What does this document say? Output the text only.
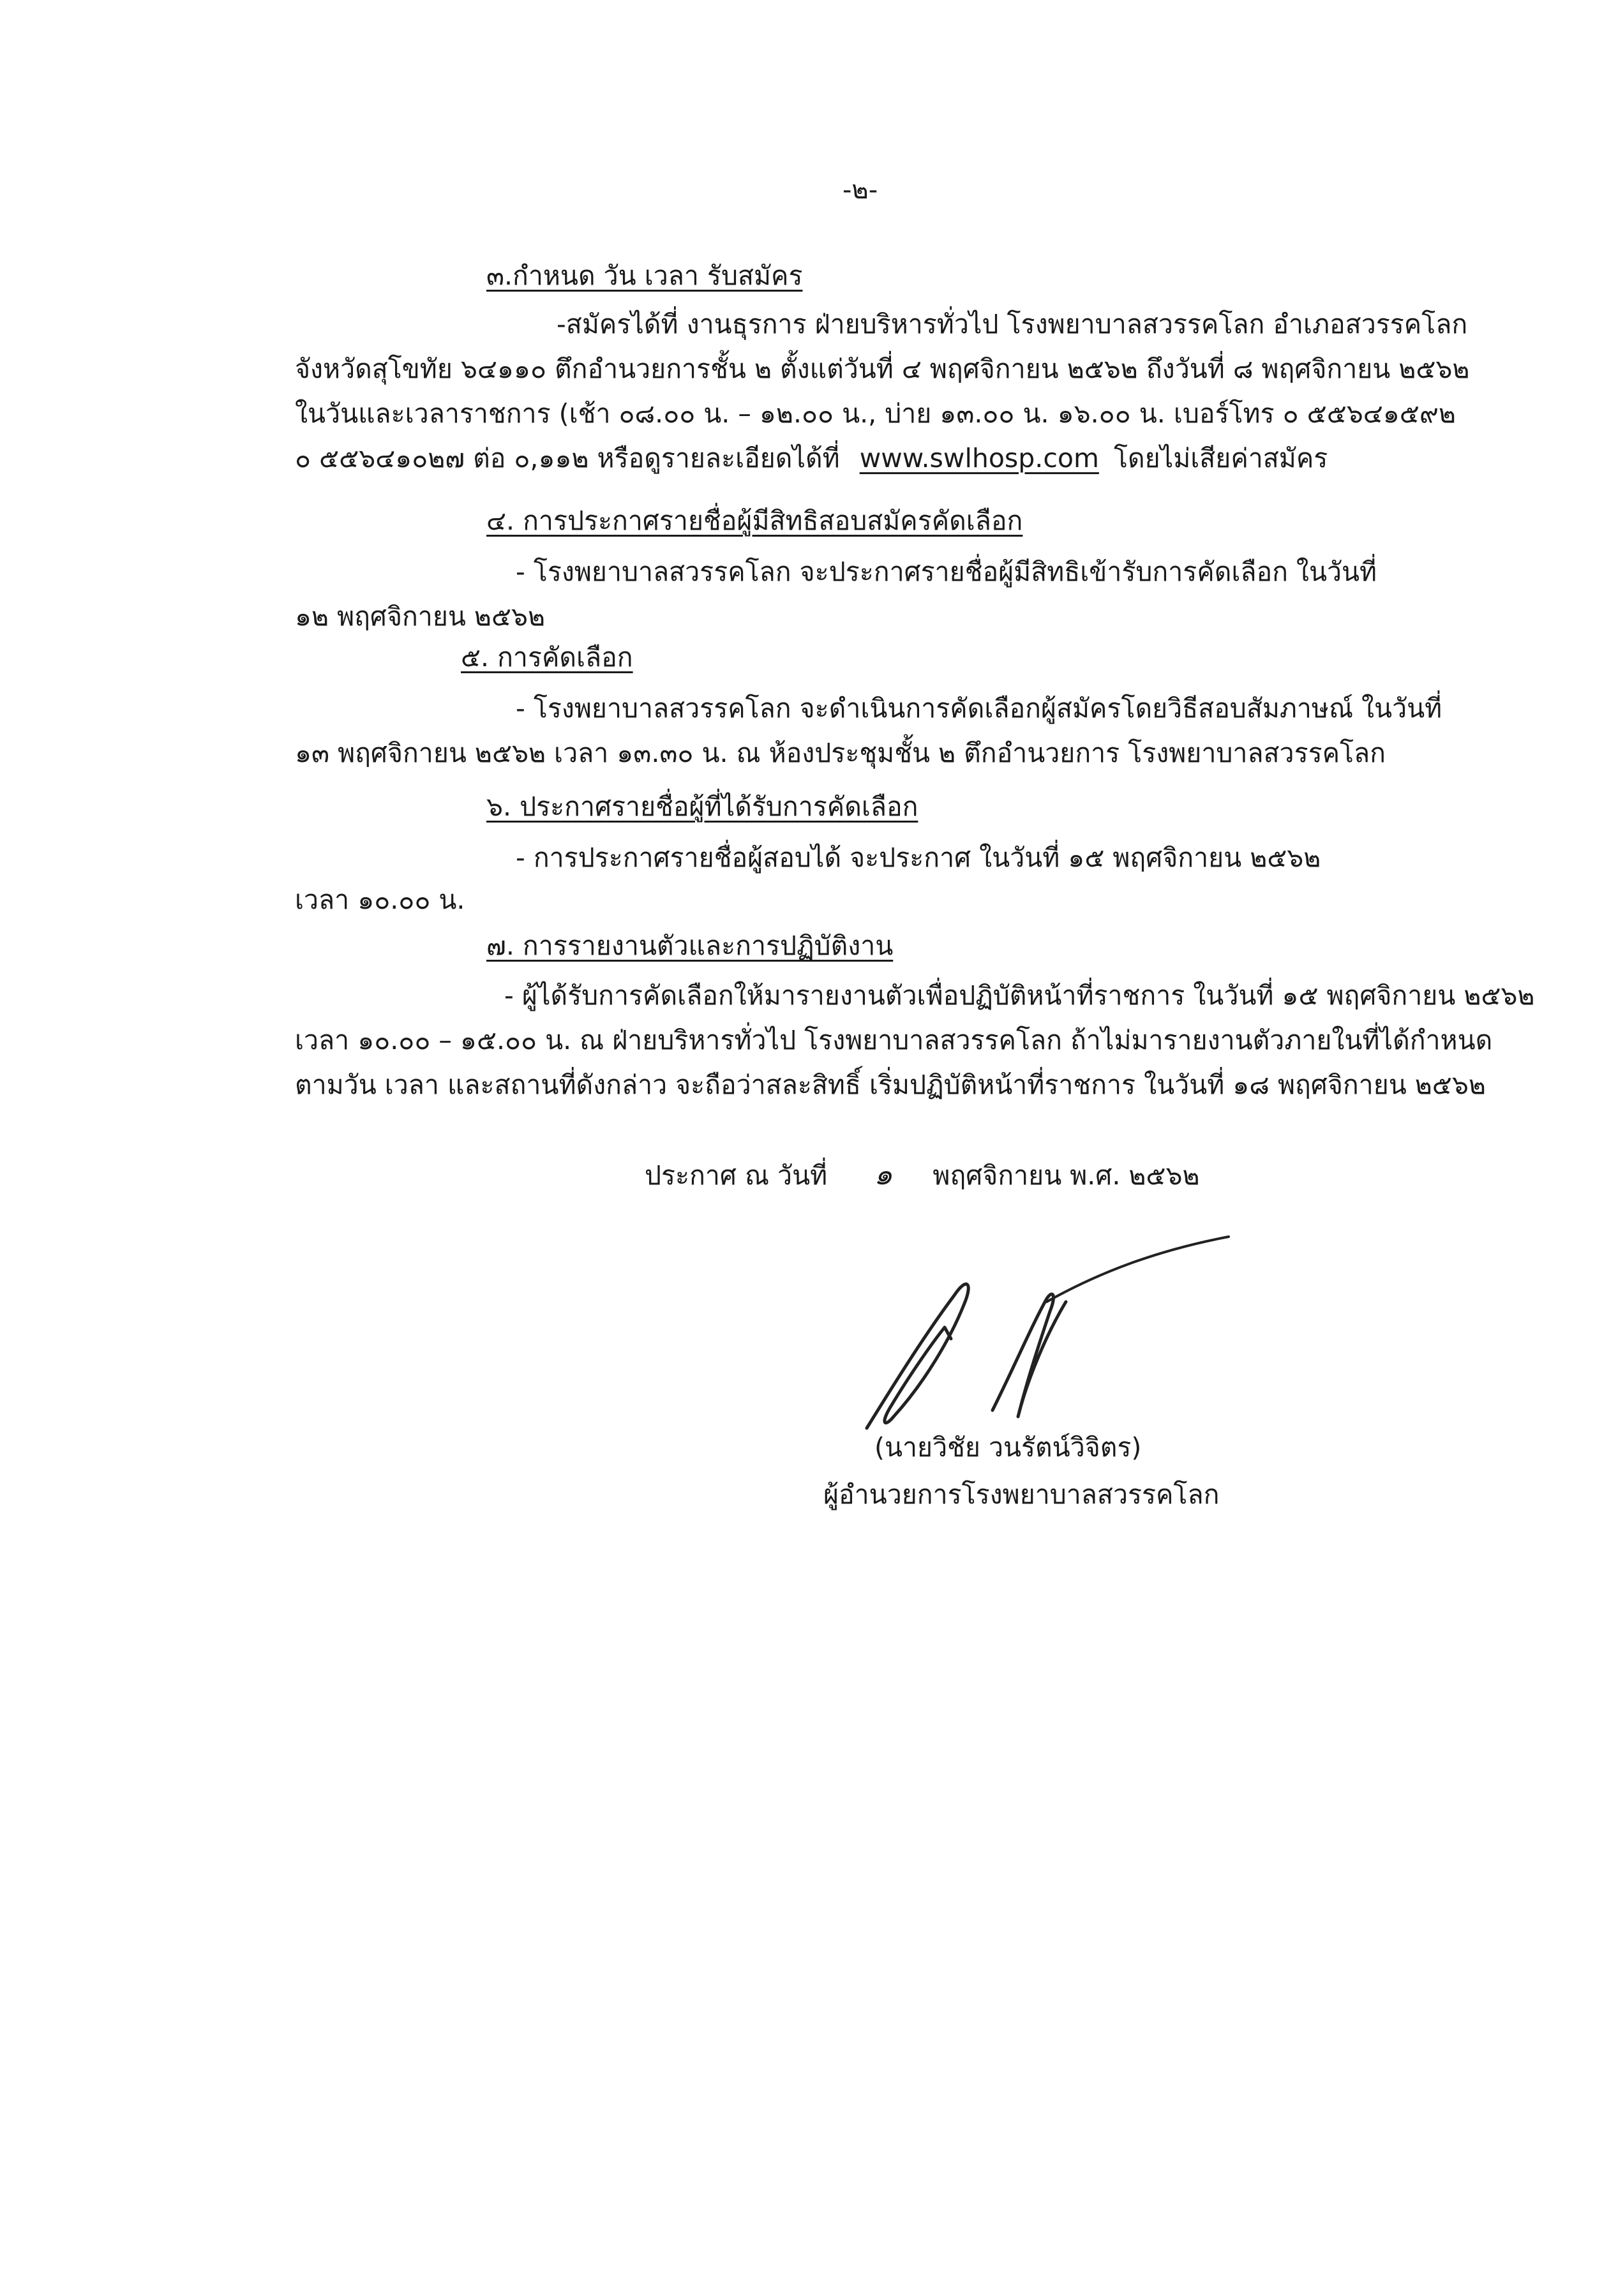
-๒-
๓.กำหนด วัน เวลา รับสมัคร
-สมัครได้ที่ งานธุรการ ฝ่ายบริหารทั่วไป โรงพยาบาลสวรรคโลก อำเภอสวรรคโลก
จังหวัดสุโขทัย ๖๔๑๑๐ ตึกอำนวยการชั้น ๒ ตั้งแต่วันที่ ๔ พฤศจิกายน ๒๕๖๒ ถึงวันที่ ๘ พฤศจิกายน ๒๕๖๒
ในวันและเวลาราชการ (เช้า ๐๘.๐๐ น. – ๑๒.๐๐ น., บ่าย ๑๓.๐๐ น. ๑๖.๐๐ น. เบอร์โทร ๐ ๕๕๖๔๑๕๙๒
๐ ๕๕๖๔๑๐๒๗ ต่อ ๐,๑๑๒ หรือดูรายละเอียดได้ที่ www.swlhosp.com โดยไม่เสียค่าสมัคร
๔. การประกาศรายชื่อผู้มีสิทธิสอบสมัครคัดเลือก
- โรงพยาบาลสวรรคโลก จะประกาศรายชื่อผู้มีสิทธิเข้ารับการคัดเลือก ในวันที่
๑๒ พฤศจิกายน ๒๕๖๒
๕. การคัดเลือก
- โรงพยาบาลสวรรคโลก จะดำเนินการคัดเลือกผู้สมัครโดยวิธีสอบสัมภาษณ์ ในวันที่
๑๓ พฤศจิกายน ๒๕๖๒ เวลา ๑๓.๓๐ น. ณ ห้องประชุมชั้น ๒ ตึกอำนวยการ โรงพยาบาลสวรรคโลก
๖. ประกาศรายชื่อผู้ที่ได้รับการคัดเลือก
- การประกาศรายชื่อผู้สอบได้ จะประกาศ ในวันที่ ๑๕ พฤศจิกายน ๒๕๖๒
เวลา ๑๐.๐๐ น.
๗. การรายงานตัวและการปฏิบัติงาน
- ผู้ได้รับการคัดเลือกให้มารายงานตัวเพื่อปฏิบัติหน้าที่ราชการ ในวันที่ ๑๕ พฤศจิกายน ๒๕๖๒
เวลา ๑๐.๐๐ – ๑๕.๐๐ น. ณ ฝ่ายบริหารทั่วไป โรงพยาบาลสวรรคโลก ถ้าไม่มารายงานตัวภายในที่ได้กำหนด
ตามวัน เวลา และสถานที่ดังกล่าว จะถือว่าสละสิทธิ์ เริ่มปฏิบัติหน้าที่ราชการ ในวันที่ ๑๘ พฤศจิกายน ๒๕๖๒
ประกาศ ณ วันที่ ๑ พฤศจิกายน พ.ศ. ๒๕๖๒
(นายวิชัย วนรัตน์วิจิตร)
ผู้อำนวยการโรงพยาบาลสวรรคโลก
